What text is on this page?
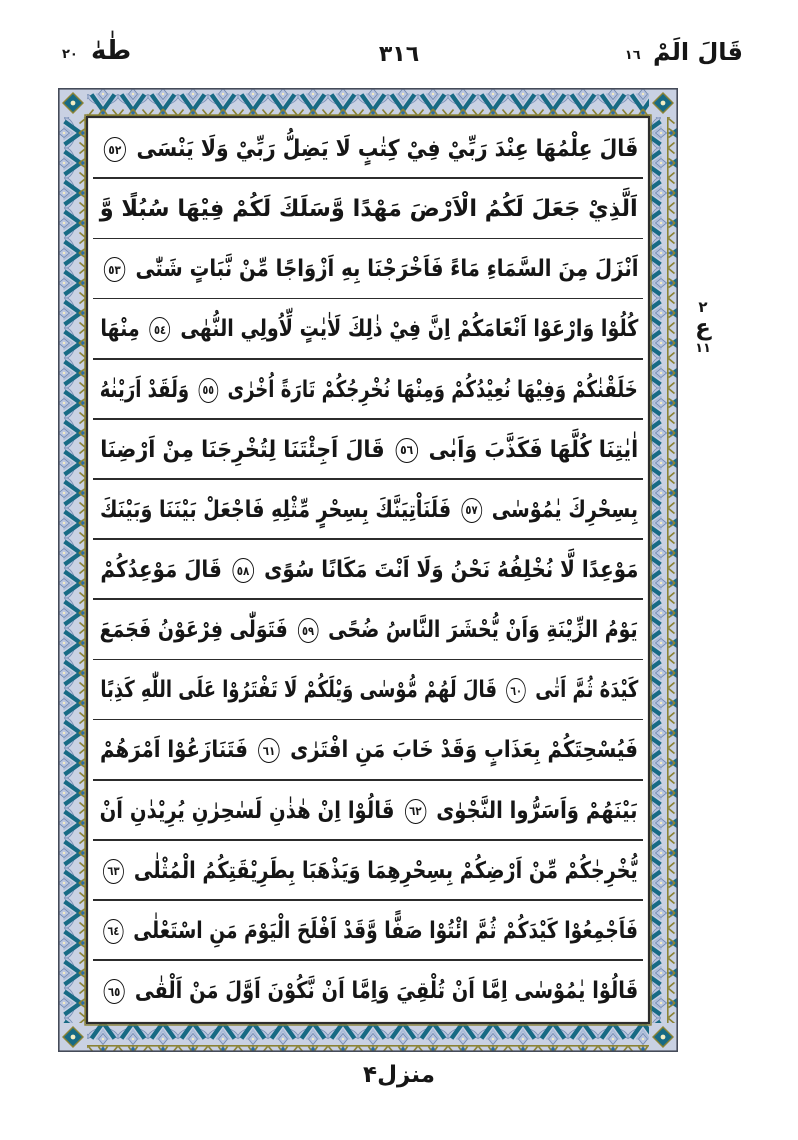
طٰهٰ ٢٠	٣١٦	قَالَ الَمْ ١٦
قَالَ عِلْمُهَا عِنْدَ رَبِّيْ فِيْ كِتٰبٍ لَا يَضِلُّ رَبِّيْ وَلَا يَنْسَى ٥٢
اَلَّذِيْ جَعَلَ لَكُمُ الْاَرْضَ مَهْدًا وَّسَلَكَ لَكُمْ فِيْهَا سُبُلًا وَّ
اَنْزَلَ مِنَ السَّمَاءِ مَاءً فَاَخْرَجْنَا بِهِ اَزْوَاجًا مِّنْ نَّبَاتٍ شَتّٰى ٥٣
كُلُوْا وَارْعَوْا اَنْعَامَكُمْ اِنَّ فِيْ ذٰلِكَ لَاٰيٰتٍ لِّاُولِي النُّهٰى ٥٤ مِنْهَا
خَلَقْنٰكُمْ وَفِيْهَا نُعِيْدُكُمْ وَمِنْهَا نُخْرِجُكُمْ تَارَةً اُخْرٰى ٥٥ وَلَقَدْ اَرَيْنٰهُ
اٰيٰتِنَا كُلَّهَا فَكَذَّبَ وَاَبٰى ٥٦ قَالَ اَجِئْتَنَا لِتُخْرِجَنَا مِنْ اَرْضِنَا
بِسِحْرِكَ يٰمُوْسٰى ٥٧ فَلَنَاْتِيَنَّكَ بِسِحْرٍ مِّثْلِهِ فَاجْعَلْ بَيْنَنَا وَبَيْنَكَ
مَوْعِدًا لَّا نُخْلِفُهُ نَحْنُ وَلَا اَنْتَ مَكَانًا سُوًى ٥٨ قَالَ مَوْعِدُكُمْ
يَوْمُ الزِّيْنَةِ وَاَنْ يُّحْشَرَ النَّاسُ ضُحًى ٥٩ فَتَوَلّٰى فِرْعَوْنُ فَجَمَعَ
كَيْدَهُ ثُمَّ اَتٰى ٦٠ قَالَ لَهُمْ مُّوْسٰى وَيْلَكُمْ لَا تَفْتَرُوْا عَلَى اللّٰهِ كَذِبًا
فَيُسْحِتَكُمْ بِعَذَابٍ وَقَدْ خَابَ مَنِ افْتَرٰى ٦١ فَتَنَازَعُوْا اَمْرَهُمْ
بَيْنَهُمْ وَاَسَرُّوا النَّجْوٰى ٦٢ قَالُوْا اِنْ هٰذٰنِ لَسٰحِرٰنِ يُرِيْدٰنِ اَنْ
يُّخْرِجٰكُمْ مِّنْ اَرْضِكُمْ بِسِحْرِهِمَا وَيَذْهَبَا بِطَرِيْقَتِكُمُ الْمُثْلٰى ٦٣
فَاَجْمِعُوْا كَيْدَكُمْ ثُمَّ ائْتُوْا صَفًّا وَّقَدْ اَفْلَحَ الْيَوْمَ مَنِ اسْتَعْلٰى ٦٤
قَالُوْا يٰمُوْسٰى اِمَّا اَنْ تُلْقِيَ وَاِمَّا اَنْ نَّكُوْنَ اَوَّلَ مَنْ اَلْقٰى ٦٥
٢
ع
١١
منزل۴
